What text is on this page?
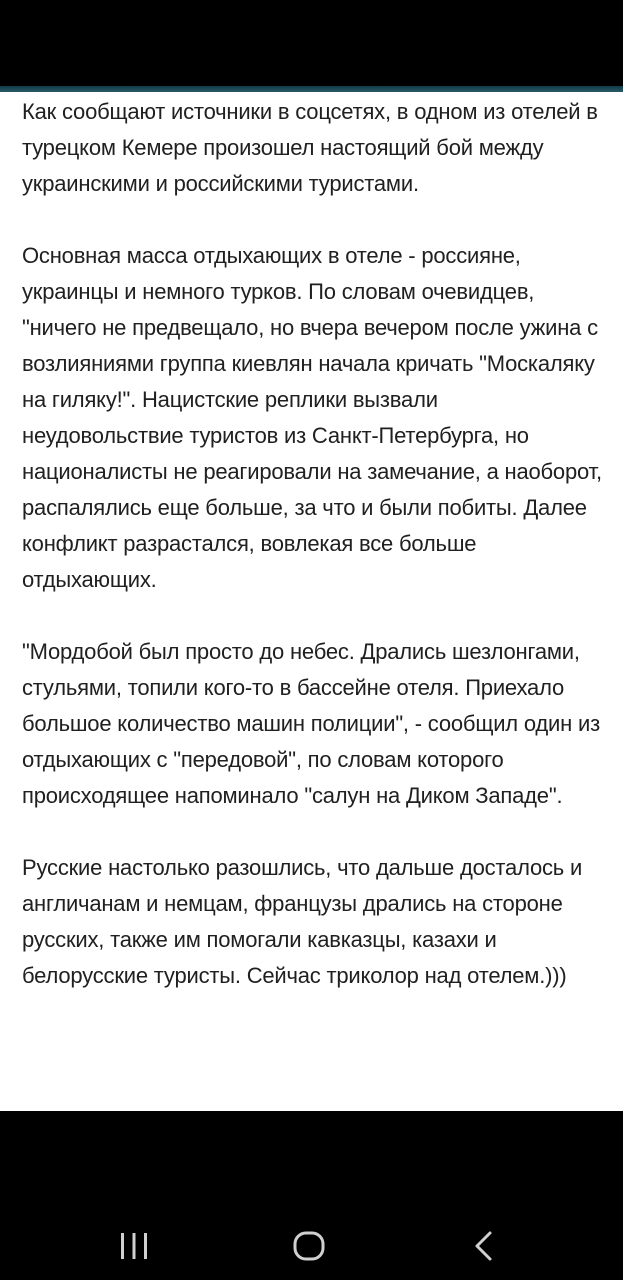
Как сообщают источники в соцсетях, в одном из отелей в турецком Кемере произошел настоящий бой между украинскими и российскими туристами.

Основная масса отдыхающих в отеле - россияне, украинцы и немного турков. По словам очевидцев, "ничего не предвещало, но вчера вечером после ужина с возлияниями группа киевлян начала кричать "Москаляку на гиляку!". Нацистские реплики вызвали неудовольствие туристов из Санкт-Петербурга, но националисты не реагировали на замечание, а наоборот, распалялись еще больше, за что и были побиты. Далее конфликт разрастался, вовлекая все больше отдыхающих.

"Мордобой был просто до небес. Дрались шезлонгами, стульями, топили кого-то в бассейне отеля. Приехало большое количество машин полиции", - сообщил один из отдыхающих с "передовой", по словам которого происходящее напоминало "салун на Диком Западе".

Русские настолько разошлись, что дальше досталось и англичанам и немцам, французы дрались на стороне русских, также им помогали кавказцы, казахи и белорусские туристы. Сейчас триколор над отелем.)))
